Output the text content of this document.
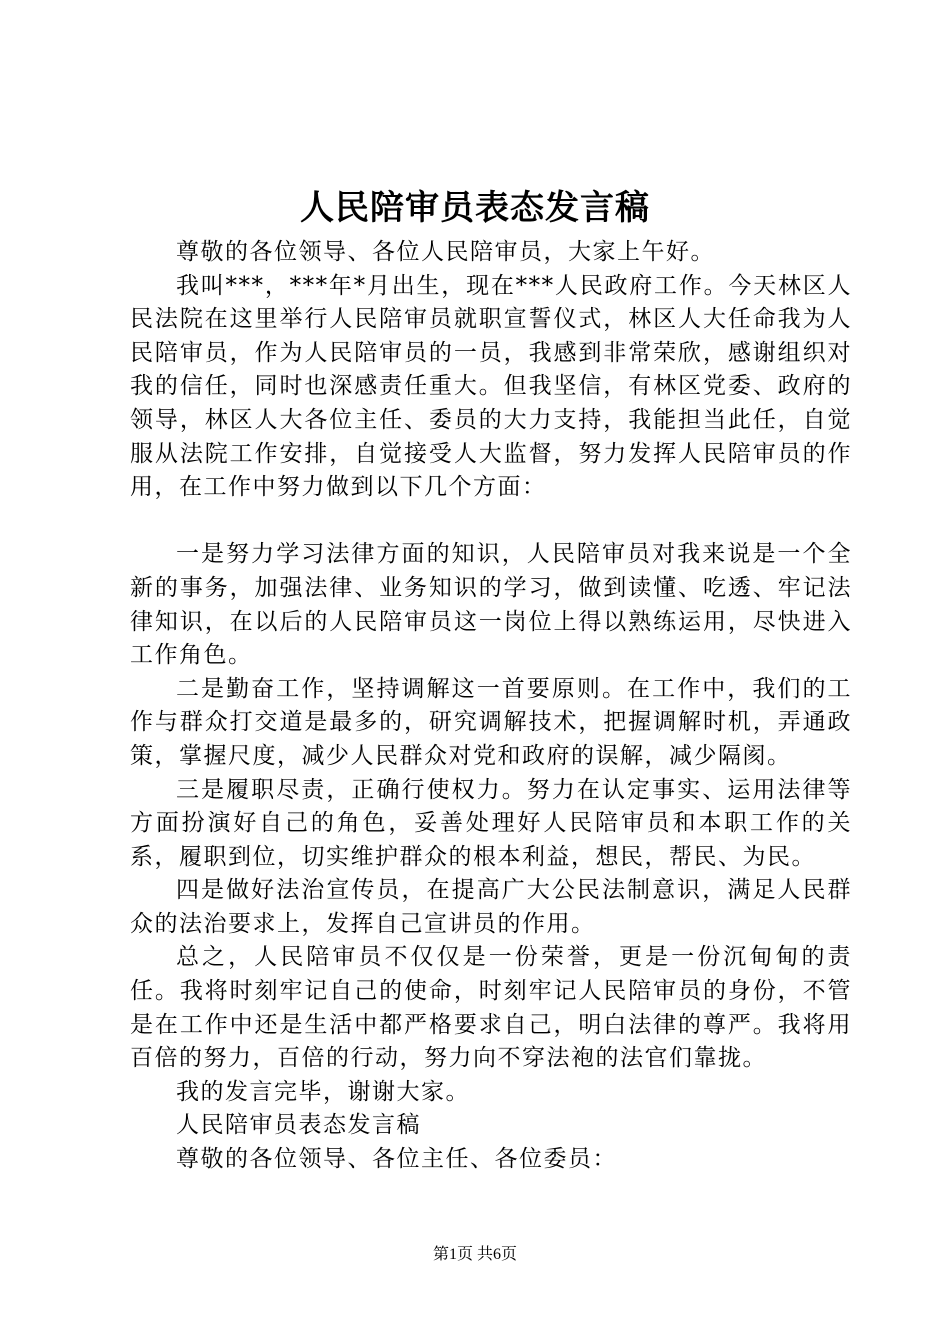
人民陪审员表态发言稿

尊敬的各位领导、各位人民陪审员，大家上午好。

我叫***，***年*月出生，现在***人民政府工作。今天林区人民法院在这里举行人民陪审员就职宣誓仪式，林区人大任命我为人民陪审员，作为人民陪审员的一员，我感到非常荣欣，感谢组织对我的信任，同时也深感责任重大。但我坚信，有林区党委、政府的领导，林区人大各位主任、委员的大力支持，我能担当此任，自觉服从法院工作安排，自觉接受人大监督，努力发挥人民陪审员的作用，在工作中努力做到以下几个方面：

一是努力学习法律方面的知识，人民陪审员对我来说是一个全新的事务，加强法律、业务知识的学习，做到读懂、吃透、牢记法律知识，在以后的人民陪审员这一岗位上得以熟练运用，尽快进入工作角色。

二是勤奋工作，坚持调解这一首要原则。在工作中，我们的工作与群众打交道是最多的，研究调解技术，把握调解时机，弄通政策，掌握尺度，减少人民群众对党和政府的误解，减少隔阂。

三是履职尽责，正确行使权力。努力在认定事实、运用法律等方面扮演好自己的角色，妥善处理好人民陪审员和本职工作的关系，履职到位，切实维护群众的根本利益，想民，帮民、为民。

四是做好法治宣传员，在提高广大公民法制意识，满足人民群众的法治要求上，发挥自己宣讲员的作用。

总之，人民陪审员不仅仅是一份荣誉，更是一份沉甸甸的责任。我将时刻牢记自己的使命，时刻牢记人民陪审员的身份，不管是在工作中还是生活中都严格要求自己，明白法律的尊严。我将用百倍的努力，百倍的行动，努力向不穿法袍的法官们靠拢。

我的发言完毕，谢谢大家。

人民陪审员表态发言稿

尊敬的各位领导、各位主任、各位委员：

第1页 共6页
